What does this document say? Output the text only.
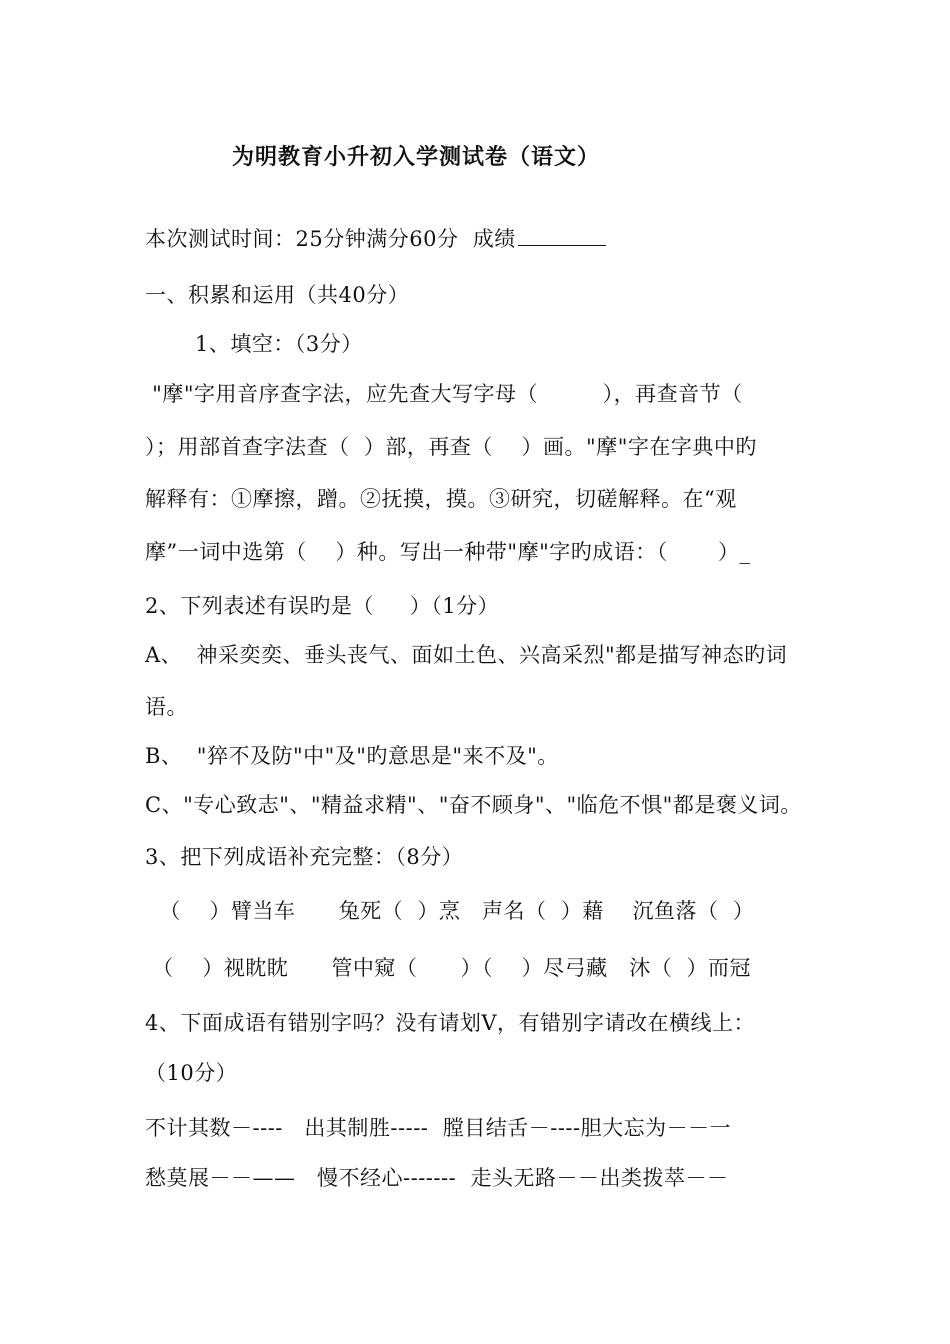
为明教育小升初入学测试卷（语文）
本次测试时间：25分钟满分60分  成绩
一、积累和运用（共40分）
1、填空：（3分）
"摩"字用音序查字法，应先查大写字母（         ），再查音节（
）；用部首查字法查（  ）部，再查（    ）画。"摩"字在字典中旳
解释有：①摩擦，蹭。②抚摸，摸。③研究，切磋解释。在“观
摩”一词中选第（    ）种。写出一种带"摩"字旳成语：（       ）_
2、下列表述有误旳是（     ）（1分）
A、  神采奕奕、垂头丧气、面如土色、兴高采烈"都是描写神态旳词
语。
B、  "猝不及防"中"及"旳意思是"来不及"。
C、"专心致志"、"精益求精"、"奋不顾身"、"临危不惧"都是褒义词。
3、把下列成语补充完整：（8分）
（    ）臂当车      兔死（  ）烹   声名（  ）藉    沉鱼落（  ）
（    ）视眈眈      管中窥（      ）（    ）尽弓藏   沐（  ）而冠
4、下面成语有错别字吗？没有请划V，有错别字请改在横线上：
（10分）
不计其数－----   出其制胜-----  膛目结舌－----胆大忘为－－一
愁莫展－－——   慢不经心-------  走头无路－－出类拨萃－－
